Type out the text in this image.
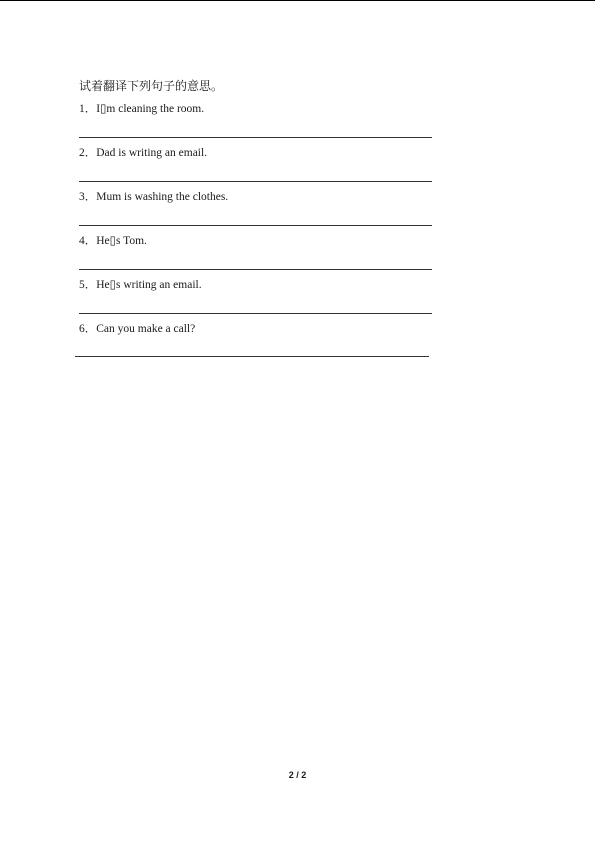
试着翻译下列句子的意思。
1．I▯m cleaning the room.
2．Dad is writing an email.
3．Mum is washing the clothes.
4．He▯s Tom.
5．He▯s writing an email.
6．Can you make a call?
2 / 2
